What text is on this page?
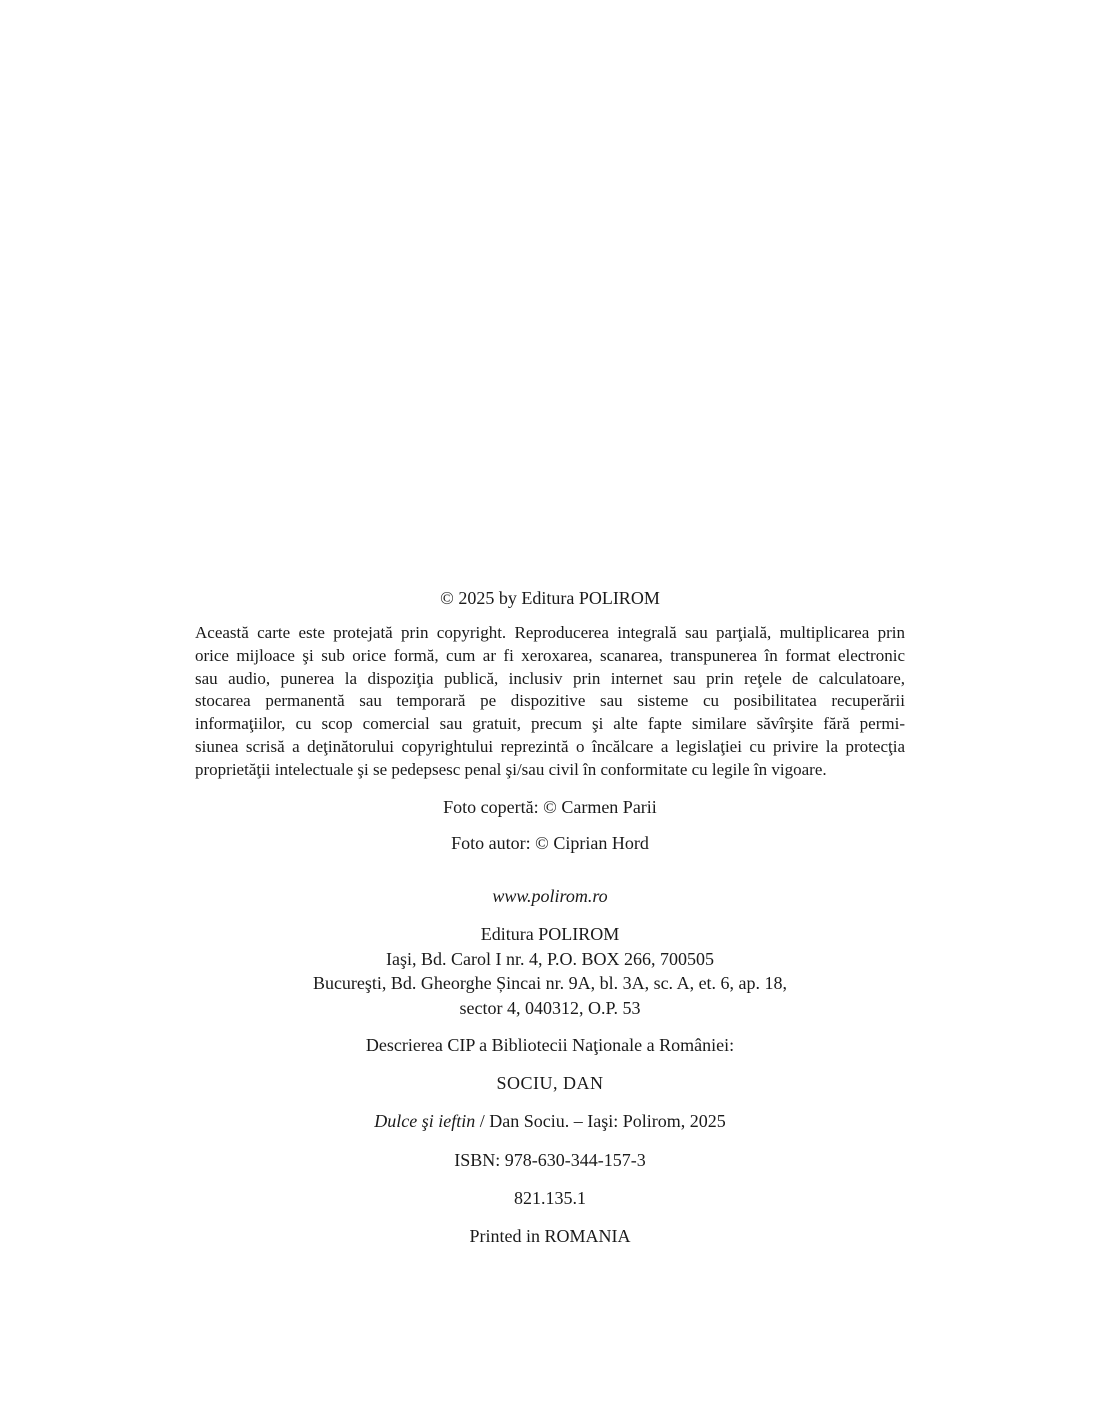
© 2025 by Editura POLIROM
Această carte este protejată prin copyright. Reproducerea integrală sau parţială, multiplicarea prin
orice mijloace şi sub orice formă, cum ar fi xeroxarea, scanarea, transpunerea în format electronic
sau audio, punerea la dispoziţia publică, inclusiv prin internet sau prin reţele de calculatoare,
stocarea permanentă sau temporară pe dispozitive sau sisteme cu posibilitatea recuperării
informaţiilor, cu scop comercial sau gratuit, precum şi alte fapte similare săvîrşite fără permi-
siunea scrisă a deţinătorului copyrightului reprezintă o încălcare a legislaţiei cu privire la protecţia
proprietăţii intelectuale şi se pedepsesc penal şi/sau civil în conformitate cu legile în vigoare.
Foto copertă: © Carmen Parii
Foto autor: © Ciprian Hord
www.polirom.ro
Editura POLIROM
Iaşi, Bd. Carol I nr. 4, P.O. BOX 266, 700505
Bucureşti, Bd. Gheorghe Șincai nr. 9A, bl. 3A, sc. A, et. 6, ap. 18,
sector 4, 040312, O.P. 53
Descrierea CIP a Bibliotecii Naţionale a României:
SOCIU, DAN
Dulce şi ieftin / Dan Sociu. – Iaşi: Polirom, 2025
ISBN: 978-630-344-157-3
821.135.1
Printed in ROMANIA
